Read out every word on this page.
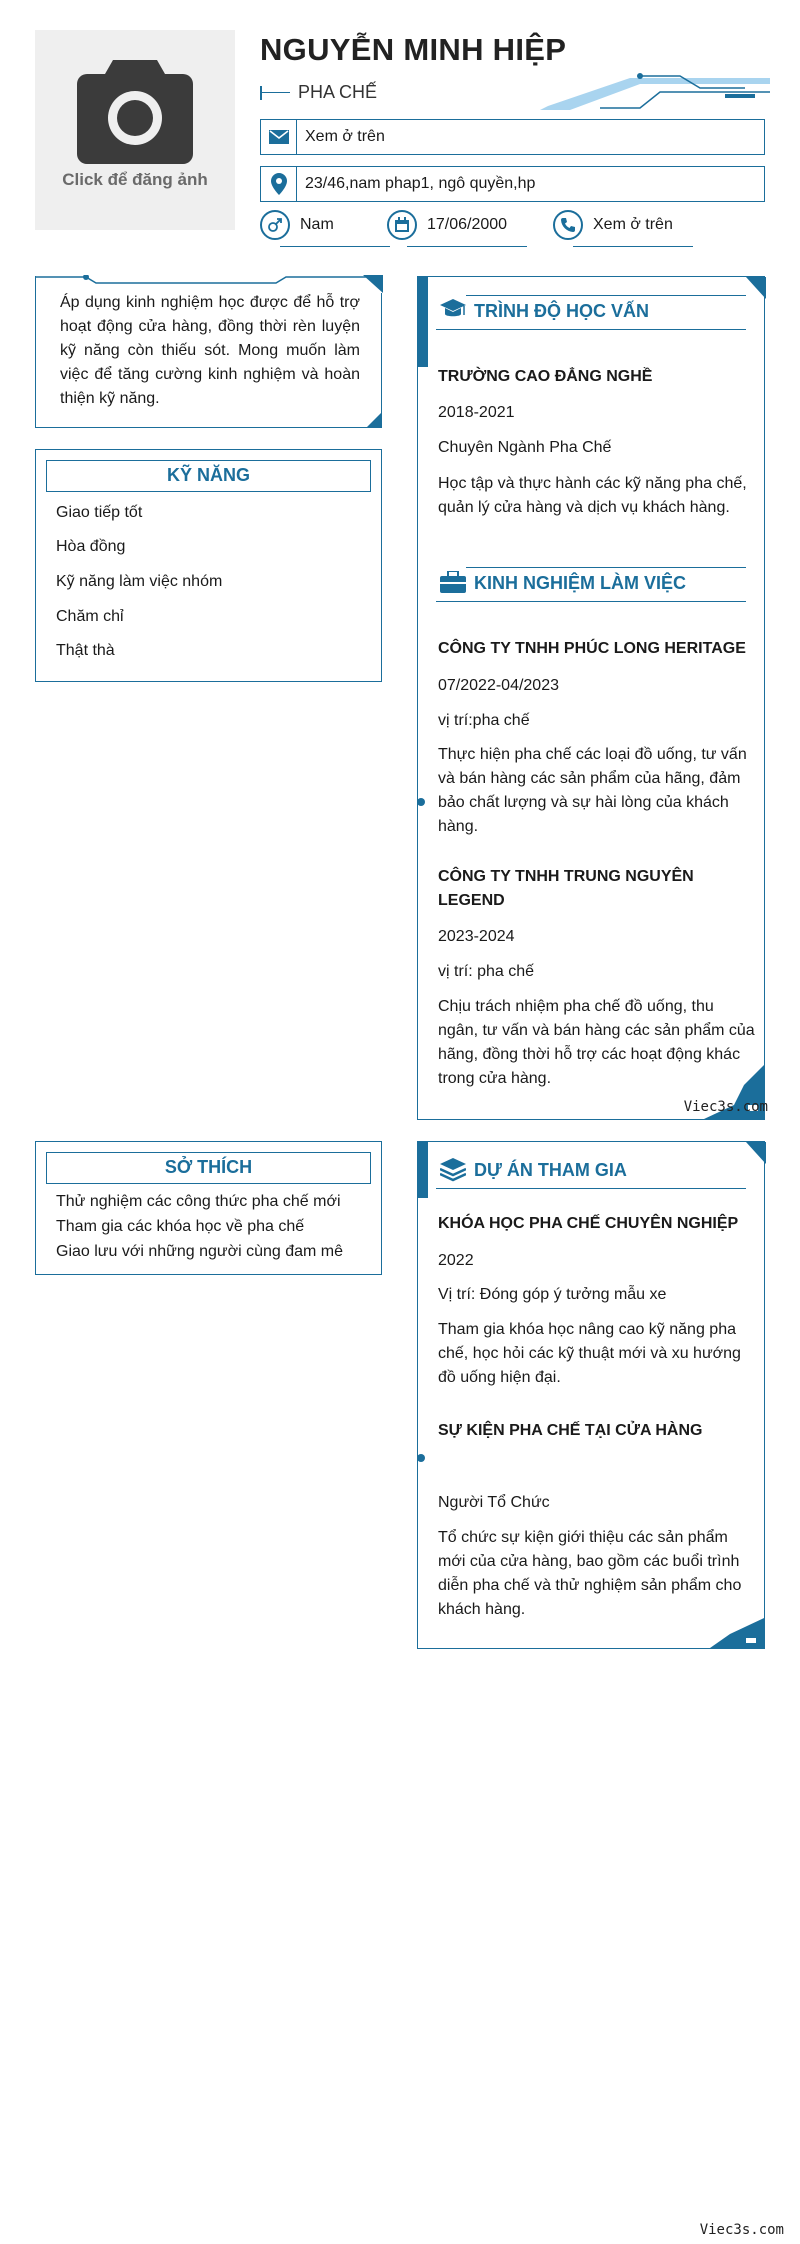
Click để đăng ảnh
NGUYỄN MINH HIỆP
PHA CHẾ
Xem ở trên
23/46,nam phap1, ngô quyền,hp
Nam	17/06/2000	Xem ở trên
Áp dụng kinh nghiệm học được để hỗ trợ hoạt động cửa hàng, đồng thời rèn luyện kỹ năng còn thiếu sót. Mong muốn làm việc để tăng cường kinh nghiệm và hoàn thiện kỹ năng.
KỸ NĂNG
Giao tiếp tốt
Hòa đồng
Kỹ năng làm việc nhóm
Chăm chỉ
Thật thà
SỞ THÍCH
Thử nghiệm các công thức pha chế mới
Tham gia các khóa học về pha chế
Giao lưu với những người cùng đam mê
TRÌNH ĐỘ HỌC VẤN
TRƯỜNG CAO ĐẲNG NGHỀ
2018-2021
Chuyên Ngành Pha Chế
Học tập và thực hành các kỹ năng pha chế, quản lý cửa hàng và dịch vụ khách hàng.
KINH NGHIỆM LÀM VIỆC
CÔNG TY TNHH PHÚC LONG HERITAGE
07/2022-04/2023
vị trí:pha chế
Thực hiện pha chế các loại đồ uống, tư vấn và bán hàng các sản phẩm của hãng, đảm bảo chất lượng và sự hài lòng của khách hàng.
CÔNG TY TNHH TRUNG NGUYÊN LEGEND
2023-2024
vị trí: pha chế
Chịu trách nhiệm pha chế đồ uống, thu ngân, tư vấn và bán hàng các sản phẩm của hãng, đồng thời hỗ trợ các hoạt động khác trong cửa hàng.
Viec3s.com
DỰ ÁN THAM GIA
KHÓA HỌC PHA CHẾ CHUYÊN NGHIỆP
2022
Vị trí: Đóng góp ý tưởng mẫu xe
Tham gia khóa học nâng cao kỹ năng pha chế, học hỏi các kỹ thuật mới và xu hướng đồ uống hiện đại.
SỰ KIỆN PHA CHẾ TẠI CỬA HÀNG
Người Tổ Chức
Tổ chức sự kiện giới thiệu các sản phẩm mới của cửa hàng, bao gồm các buổi trình diễn pha chế và thử nghiệm sản phẩm cho khách hàng.
Viec3s.com
